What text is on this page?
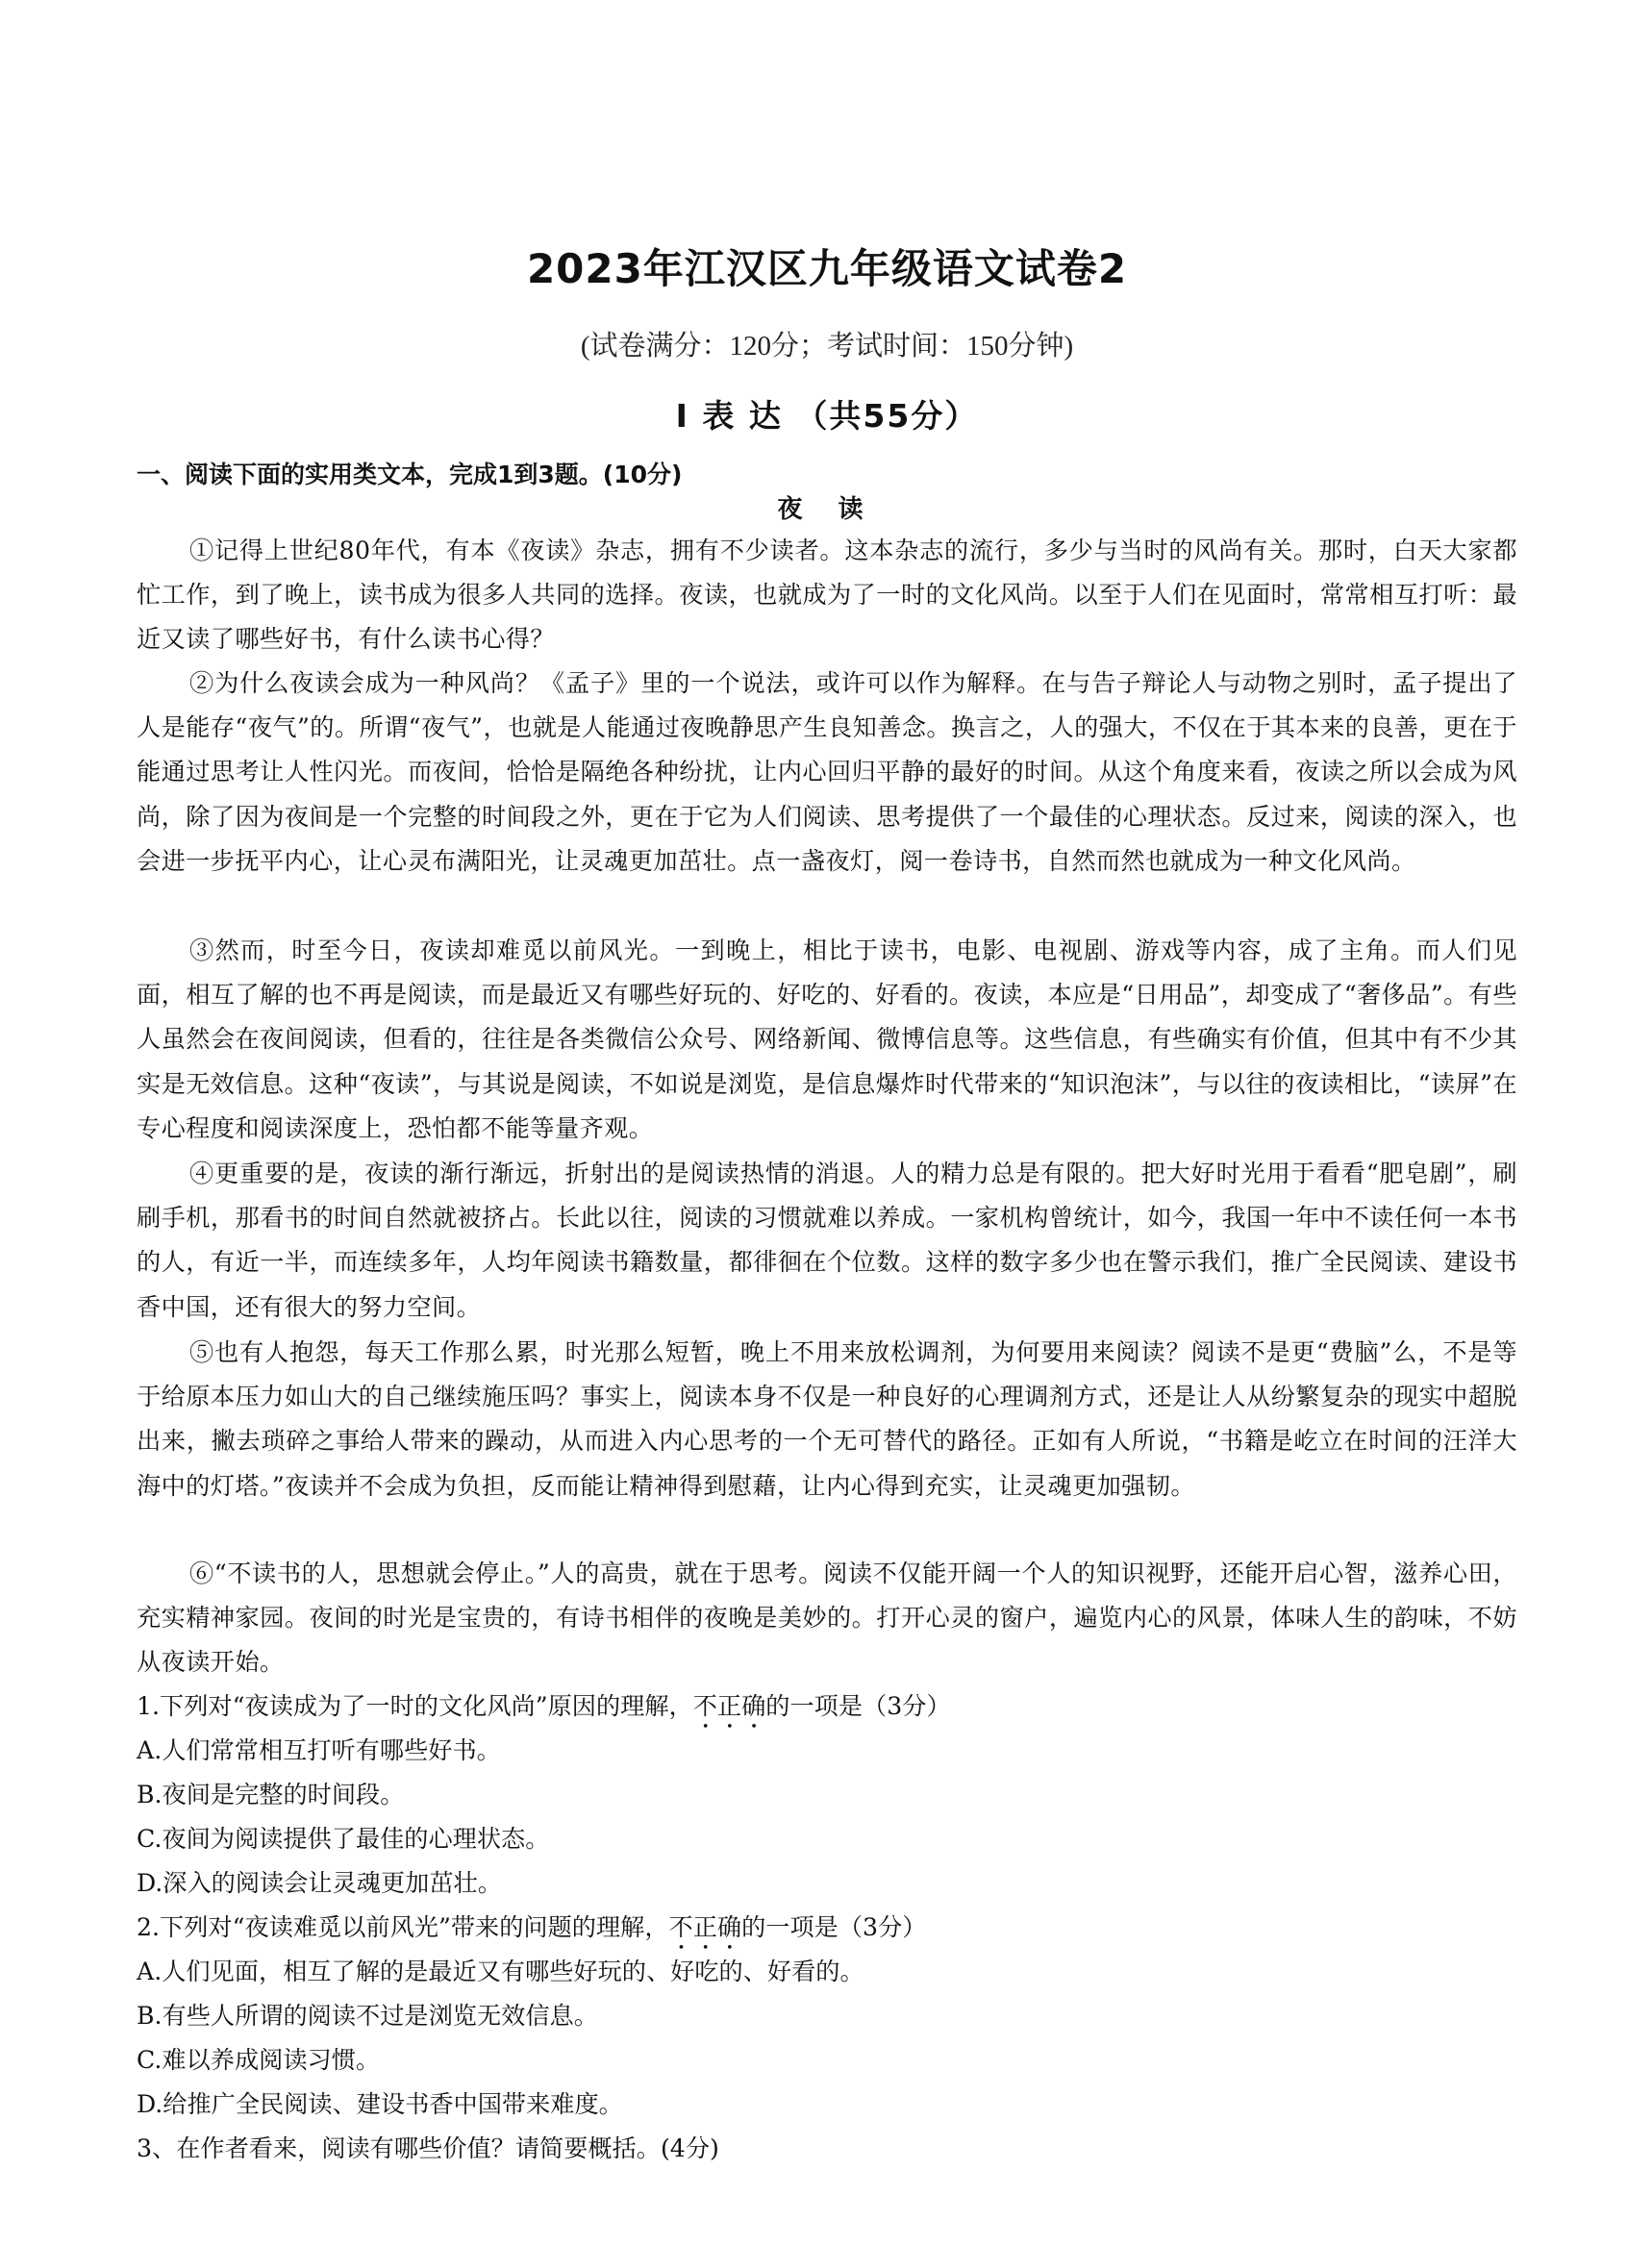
2023年江汉区九年级语文试卷2
(试卷满分：120分；考试时间：150分钟)
Ⅰ 表 达 （共55分）
一、阅读下面的实用类文本，完成1到3题。(10分)
夜 读
①记得上世纪80年代，有本《夜读》杂志，拥有不少读者。这本杂志的流行，多少与当时的风尚有关。那时，白天大家都忙工作，到了晚上，读书成为很多人共同的选择。夜读，也就成为了一时的文化风尚。以至于人们在见面时，常常相互打听：最近又读了哪些好书，有什么读书心得？
②为什么夜读会成为一种风尚？《孟子》里的一个说法，或许可以作为解释。在与告子辩论人与动物之别时，孟子提出了人是能存“夜气”的。所谓“夜气”，也就是人能通过夜晚静思产生良知善念。换言之，人的强大，不仅在于其本来的良善，更在于能通过思考让人性闪光。而夜间，恰恰是隔绝各种纷扰，让内心回归平静的最好的时间。从这个角度来看，夜读之所以会成为风尚，除了因为夜间是一个完整的时间段之外，更在于它为人们阅读、思考提供了一个最佳的心理状态。反过来，阅读的深入，也会进一步抚平内心，让心灵布满阳光，让灵魂更加茁壮。点一盏夜灯，阅一卷诗书，自然而然也就成为一种文化风尚。
③然而，时至今日，夜读却难觅以前风光。一到晚上，相比于读书，电影、电视剧、游戏等内容，成了主角。而人们见面，相互了解的也不再是阅读，而是最近又有哪些好玩的、好吃的、好看的。夜读，本应是“日用品”，却变成了“奢侈品”。有些人虽然会在夜间阅读，但看的，往往是各类微信公众号、网络新闻、微博信息等。这些信息，有些确实有价值，但其中有不少其实是无效信息。这种“夜读”，与其说是阅读，不如说是浏览，是信息爆炸时代带来的“知识泡沫”，与以往的夜读相比，“读屏”在专心程度和阅读深度上，恐怕都不能等量齐观。
④更重要的是，夜读的渐行渐远，折射出的是阅读热情的消退。人的精力总是有限的。把大好时光用于看看“肥皂剧”，刷刷手机，那看书的时间自然就被挤占。长此以往，阅读的习惯就难以养成。一家机构曾统计，如今，我国一年中不读任何一本书的人，有近一半，而连续多年，人均年阅读书籍数量，都徘徊在个位数。这样的数字多少也在警示我们，推广全民阅读、建设书香中国，还有很大的努力空间。
⑤也有人抱怨，每天工作那么累，时光那么短暂，晚上不用来放松调剂，为何要用来阅读？阅读不是更“费脑”么，不是等于给原本压力如山大的自己继续施压吗？事实上，阅读本身不仅是一种良好的心理调剂方式，还是让人从纷繁复杂的现实中超脱出来，撇去琐碎之事给人带来的躁动，从而进入内心思考的一个无可替代的路径。正如有人所说，“书籍是屹立在时间的汪洋大海中的灯塔。”夜读并不会成为负担，反而能让精神得到慰藉，让内心得到充实，让灵魂更加强韧。
⑥“不读书的人，思想就会停止。”人的高贵，就在于思考。阅读不仅能开阔一个人的知识视野，还能开启心智，滋养心田，充实精神家园。夜间的时光是宝贵的，有诗书相伴的夜晚是美妙的。打开心灵的窗户，遍览内心的风景，体味人生的韵味，不妨从夜读开始。
1.下列对“夜读成为了一时的文化风尚”原因的理解，不正确的一项是（3分）
A.人们常常相互打听有哪些好书。
B.夜间是完整的时间段。
C.夜间为阅读提供了最佳的心理状态。
D.深入的阅读会让灵魂更加茁壮。
2.下列对“夜读难觅以前风光”带来的问题的理解，不正确的一项是（3分）
A.人们见面，相互了解的是最近又有哪些好玩的、好吃的、好看的。
B.有些人所谓的阅读不过是浏览无效信息。
C.难以养成阅读习惯。
D.给推广全民阅读、建设书香中国带来难度。
3、在作者看来，阅读有哪些价值？请简要概括。(4分)
